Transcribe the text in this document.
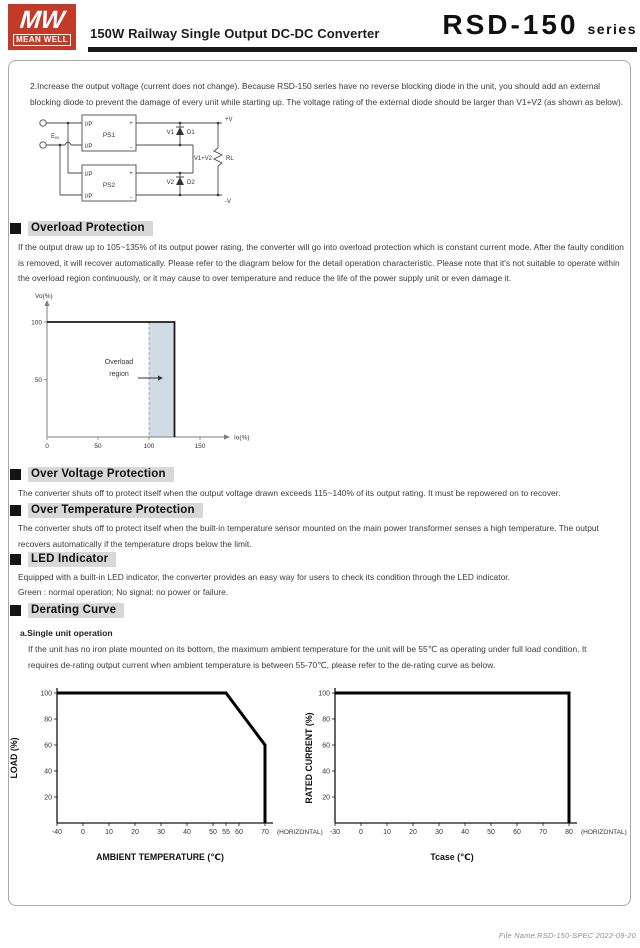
MW
MEAN WELL 150W Railway Single Output DC-DC Converter RSD-150 series
2.Increase the output voltage (current does not change). Because RSD-150 series have no reverse blocking diode in the unit, you should add an external blocking diode to prevent the damage of every unit while starting up. The voltage rating of the external diode should be larger than V1+V2 (as shown as below).
EIN
I/P
I/P
PS1
+
-
I/P
I/P
PS2
+
-
V1 D1
V2 D2
V1+V2 RL
+V
-V
Overload Protection
If the output draw up to 105~135% of its output power rating, the converter will go into overload protection which is constant current mode. After the faulty condition is removed, it will recover automatically. Please refer to the diagram below for the detail operation characteristic. Please note that it's not suitable to operate within the overload region continuously, or it may cause to over temperature and reduce the life of the power supply unit or even damage it.
0	50	100	150
50
100
Overload region
Io(%)
Vo(%)
Over Voltage Protection
The converter shuts off to protect itself when the output voltage drawn exceeds 115~140% of its output rating. It must be repowered on to recover.
Over Temperature Protection
The converter shuts off to protect itself when the built-in temperature sensor mounted on the main power transformer senses a high temperature. The output recovers automatically if the temperature drops below the limit.
LED Indicator
Equipped with a built-in LED indicator, the converter provides an easy way for users to check its condition through the LED indicator.
Green : normal operation; No signal: no power or failure.
Derating Curve
a.Single unit operation
If the unit has no iron plate mounted on its bottom, the maximum ambient temperature for the unit will be 55℃ as operating under full load condition. It requires de-rating output current when ambient temperature is between 55-70℃, please refer to the de-rating curve as below.
-40	0	10	20	30	40	50	60	70
55
20
40
60
80
100
AMBIENT TEMPERATURE (℃)
LOAD (%)
(HORIZONTAL) -30	0	10	20	30	40	50	60	70	80
20
40
60
80
100
Tcase (℃)
RATED CURRENT (%)
(HORIZONTAL)
File Name:RSD-150-SPEC 2022-09-20
